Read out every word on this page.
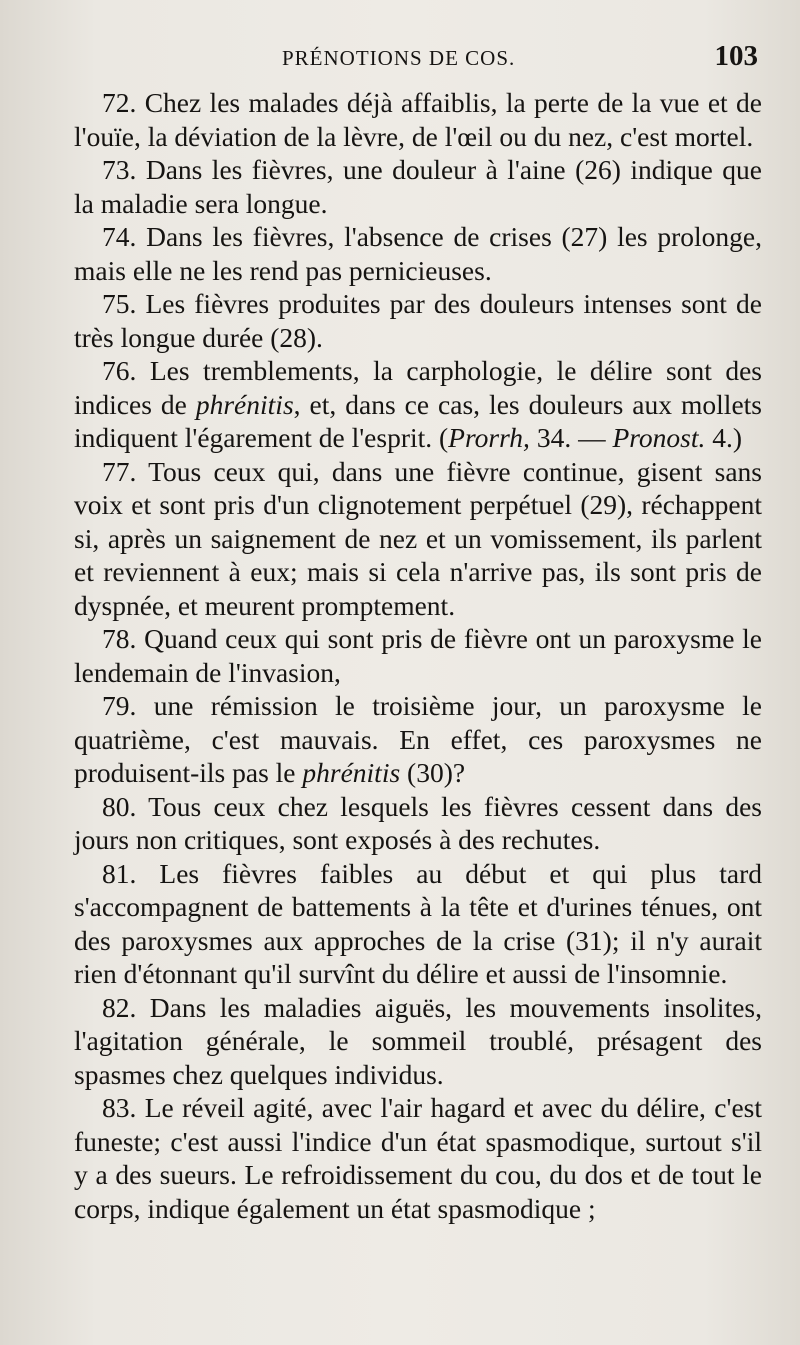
PRÉNOTIONS DE COS.	103

72. Chez les malades déjà affaiblis, la perte de la vue et de l'ouïe, la déviation de la lèvre, de l'œil ou du nez, c'est mortel.

73. Dans les fièvres, une douleur à l'aine (26) indique que la maladie sera longue.

74. Dans les fièvres, l'absence de crises (27) les prolonge, mais elle ne les rend pas pernicieuses.

75. Les fièvres produites par des douleurs intenses sont de très longue durée (28).

76. Les tremblements, la carphologie, le délire sont des indices de phrénitis, et, dans ce cas, les douleurs aux mollets indiquent l'égarement de l'esprit. (Prorrh, 34. — Pronost. 4.)

77. Tous ceux qui, dans une fièvre continue, gisent sans voix et sont pris d'un clignotement perpétuel (29), réchappent si, après un saignement de nez et un vomissement, ils parlent et reviennent à eux; mais si cela n'arrive pas, ils sont pris de dyspnée, et meurent promptement.

78. Quand ceux qui sont pris de fièvre ont un paroxysme le lendemain de l'invasion,

79. une rémission le troisième jour, un paroxysme le quatrième, c'est mauvais. En effet, ces paroxysmes ne produisent-ils pas le phrénitis (30)?

80. Tous ceux chez lesquels les fièvres cessent dans des jours non critiques, sont exposés à des rechutes.

81. Les fièvres faibles au début et qui plus tard s'accompagnent de battements à la tête et d'urines ténues, ont des paroxysmes aux approches de la crise (31); il n'y aurait rien d'étonnant qu'il survînt du délire et aussi de l'insomnie.

82. Dans les maladies aiguës, les mouvements insolites, l'agitation générale, le sommeil troublé, présagent des spasmes chez quelques individus.

83. Le réveil agité, avec l'air hagard et avec du délire, c'est funeste; c'est aussi l'indice d'un état spasmodique, surtout s'il y a des sueurs. Le refroidissement du cou, du dos et de tout le corps, indique également un état spasmodique ;
